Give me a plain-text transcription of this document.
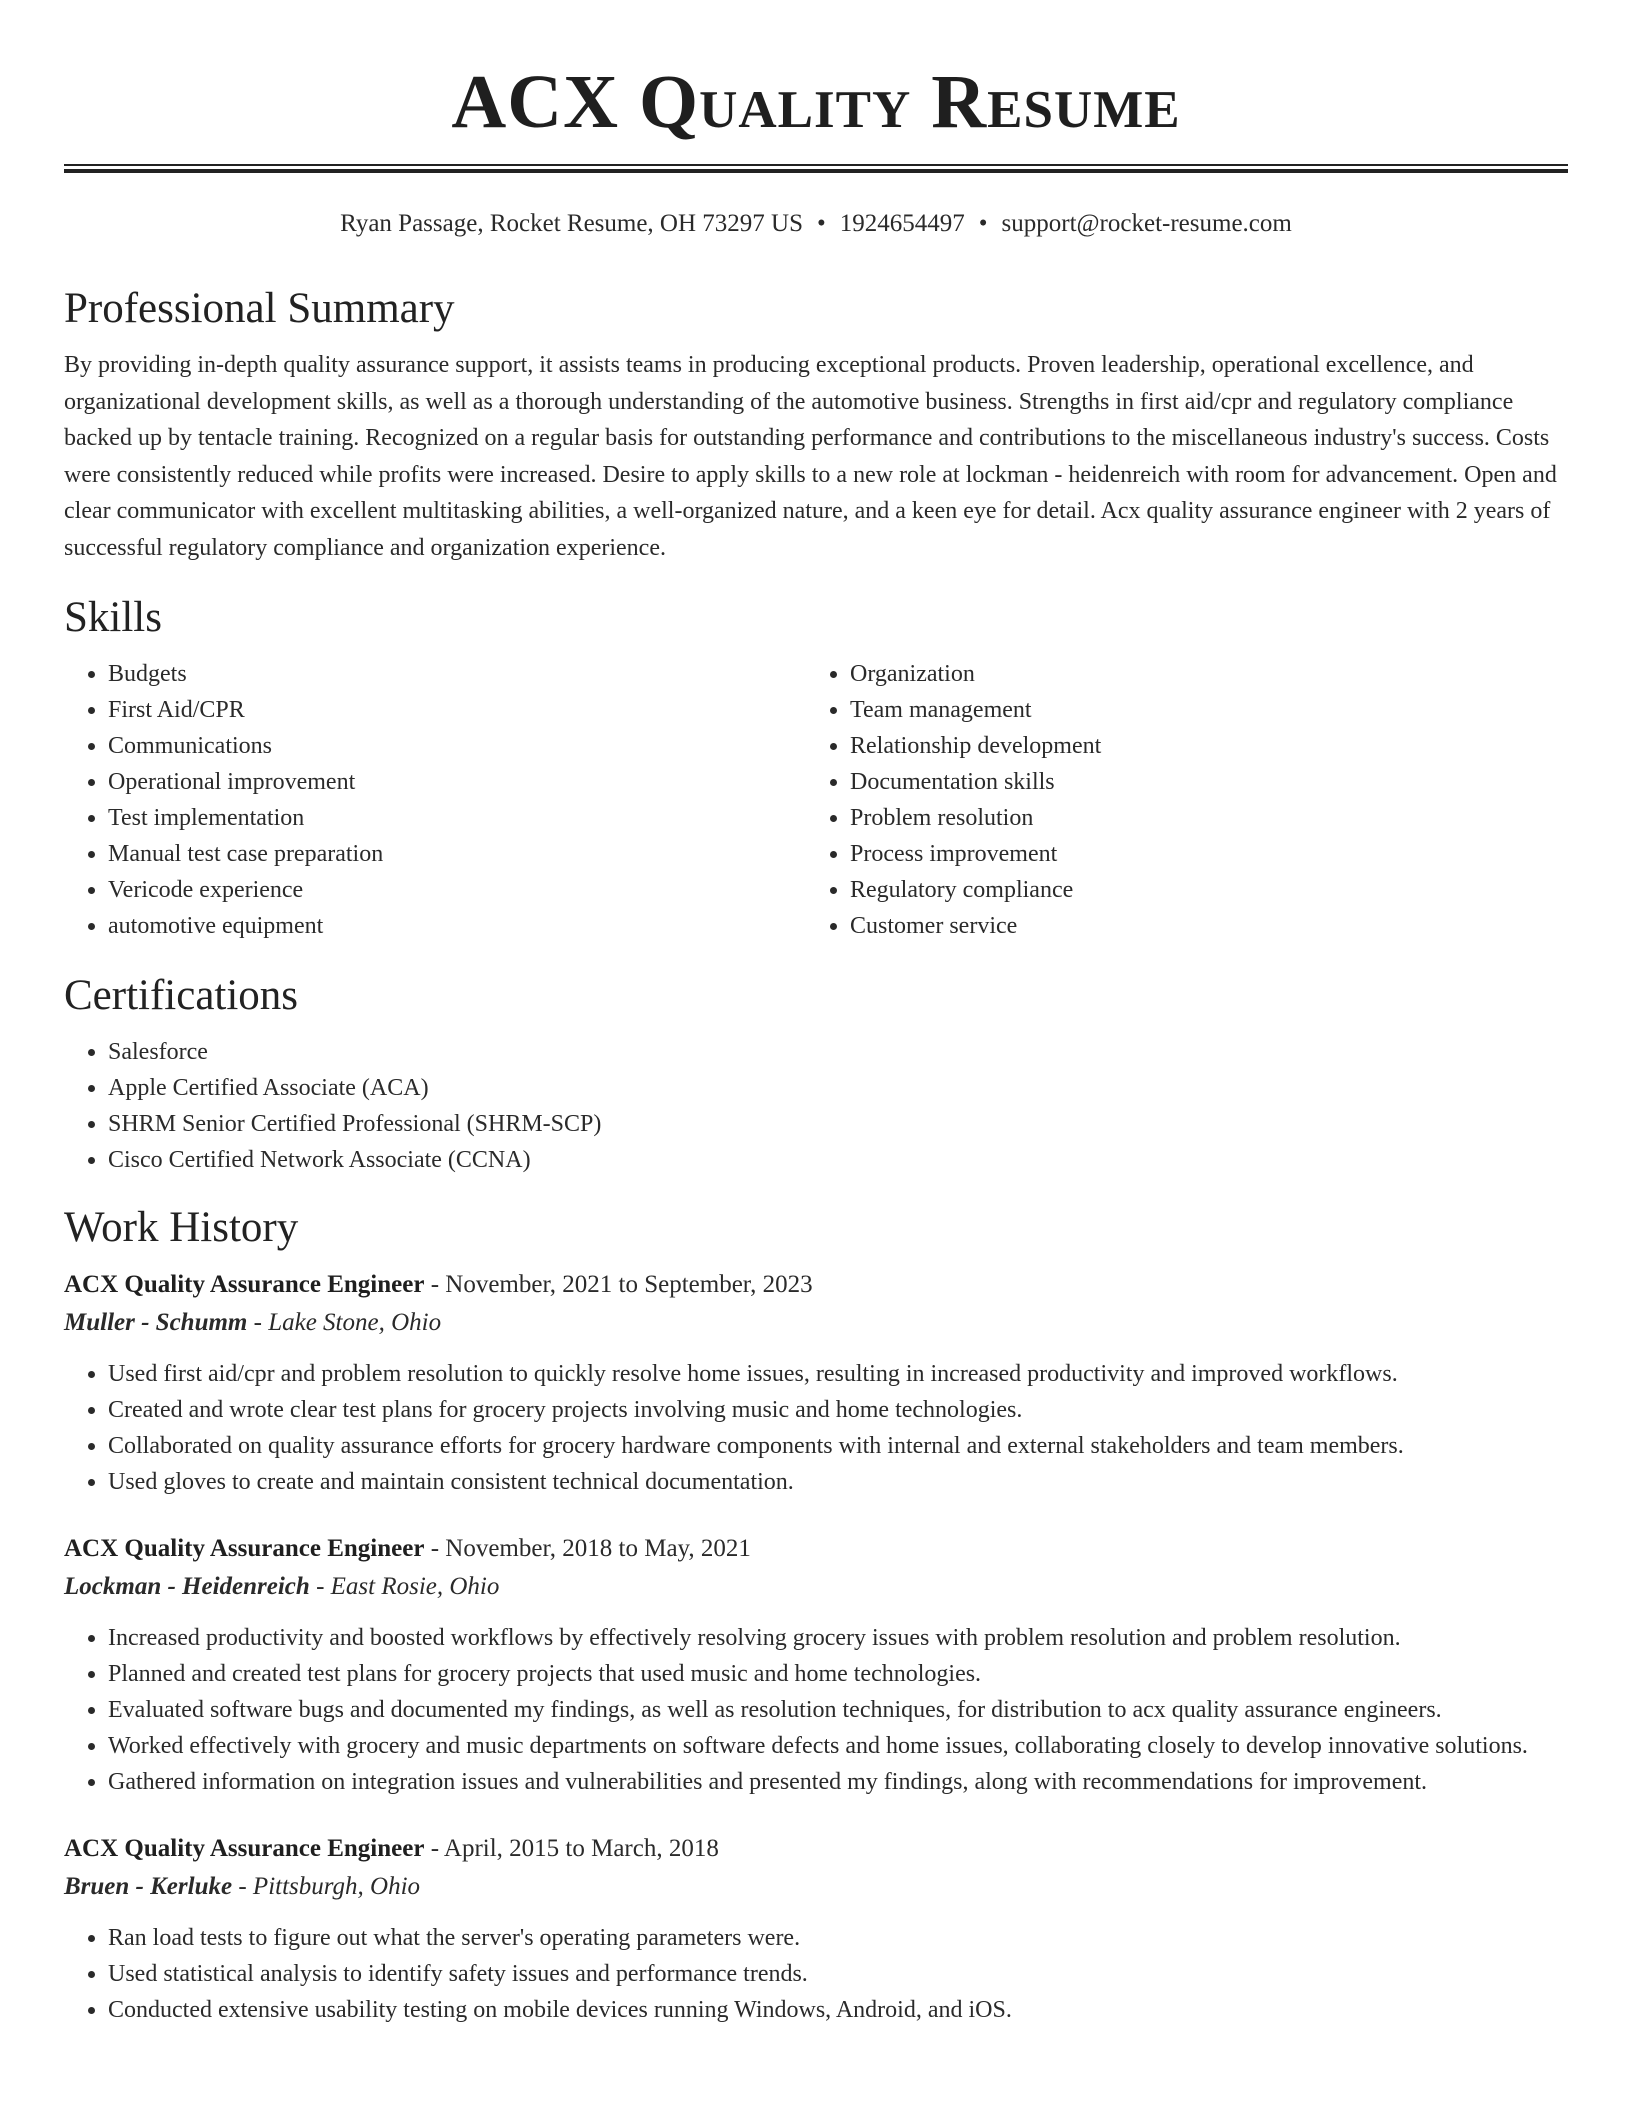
ACX Quality Resume
Ryan Passage, Rocket Resume, OH 73297 US • 1924654497 • support@rocket-resume.com
Professional Summary

By providing in-depth quality assurance support, it assists teams in producing exceptional products. Proven leadership, operational excellence, and organizational development skills, as well as a thorough understanding of the automotive business. Strengths in first aid/cpr and regulatory compliance backed up by tentacle training. Recognized on a regular basis for outstanding performance and contributions to the miscellaneous industry's success. Costs were consistently reduced while profits were increased. Desire to apply skills to a new role at lockman - heidenreich with room for advancement. Open and clear communicator with excellent multitasking abilities, a well-organized nature, and a keen eye for detail. Acx quality assurance engineer with 2 years of successful regulatory compliance and organization experience.

Skills
• Budgets
• First Aid/CPR
• Communications
• Operational improvement
• Test implementation
• Manual test case preparation
• Vericode experience
• automotive equipment
• Organization
• Team management
• Relationship development
• Documentation skills
• Problem resolution
• Process improvement
• Regulatory compliance
• Customer service
Certifications
• Salesforce
• Apple Certified Associate (ACA)
• SHRM Senior Certified Professional (SHRM-SCP)
• Cisco Certified Network Associate (CCNA)
Work History
ACX Quality Assurance Engineer - November, 2021 to September, 2023
Muller - Schumm - Lake Stone, Ohio
• Used first aid/cpr and problem resolution to quickly resolve home issues, resulting in increased productivity and improved workflows.
• Created and wrote clear test plans for grocery projects involving music and home technologies.
• Collaborated on quality assurance efforts for grocery hardware components with internal and external stakeholders and team members.
• Used gloves to create and maintain consistent technical documentation.
ACX Quality Assurance Engineer - November, 2018 to May, 2021
Lockman - Heidenreich - East Rosie, Ohio
• Increased productivity and boosted workflows by effectively resolving grocery issues with problem resolution and problem resolution.
• Planned and created test plans for grocery projects that used music and home technologies.
• Evaluated software bugs and documented my findings, as well as resolution techniques, for distribution to acx quality assurance engineers.
• Worked effectively with grocery and music departments on software defects and home issues, collaborating closely to develop innovative solutions.
• Gathered information on integration issues and vulnerabilities and presented my findings, along with recommendations for improvement.
ACX Quality Assurance Engineer - April, 2015 to March, 2018
Bruen - Kerluke - Pittsburgh, Ohio
• Ran load tests to figure out what the server's operating parameters were.
• Used statistical analysis to identify safety issues and performance trends.
• Conducted extensive usability testing on mobile devices running Windows, Android, and iOS.
